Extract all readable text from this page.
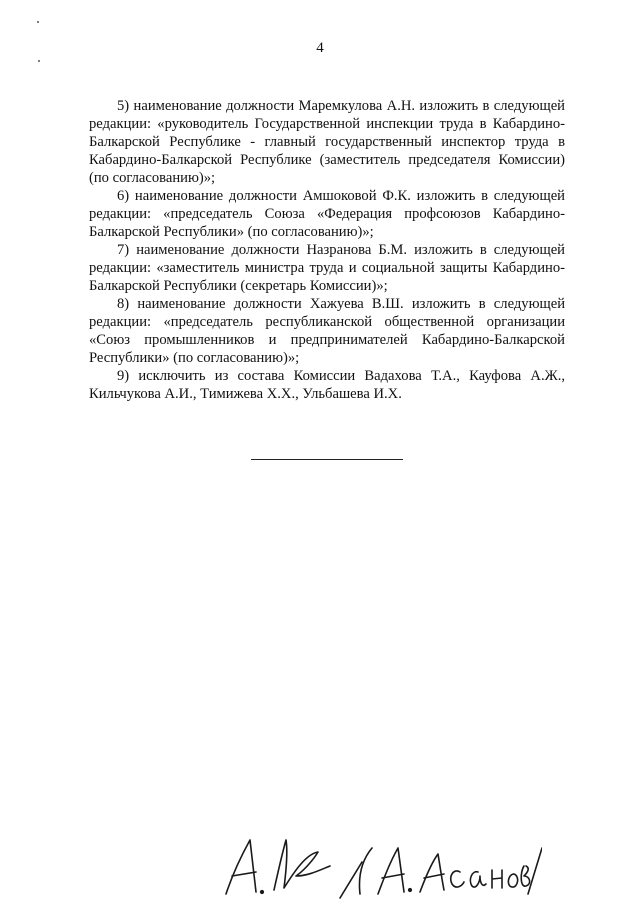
4

5) наименование должности Маремкулова А.Н. изложить в следующей редакции: «руководитель Государственной инспекции труда в Кабардино-Балкарской Республике - главный государственный инспектор труда в Кабардино-Балкарской Республике (заместитель председателя Комиссии) (по согласованию)»;

6) наименование должности Амшоковой Ф.К. изложить в следующей редакции: «председатель Союза «Федерация профсоюзов Кабардино-Балкарской Республики» (по согласованию)»;

7) наименование должности Назранова Б.М. изложить в следующей редакции: «заместитель министра труда и социальной защиты Кабардино-Балкарской Республики (секретарь Комиссии)»;

8) наименование должности Хажуева В.Ш. изложить в следующей редакции: «председатель республиканской общественной организации «Союз промышленников и предпринимателей Кабардино-Балкарской Республики» (по согласованию)»;

9) исключить из состава Комиссии Вадахова Т.А., Кауфова А.Ж., Кильчукова А.И., Тимижева Х.Х., Ульбашева И.Х.
